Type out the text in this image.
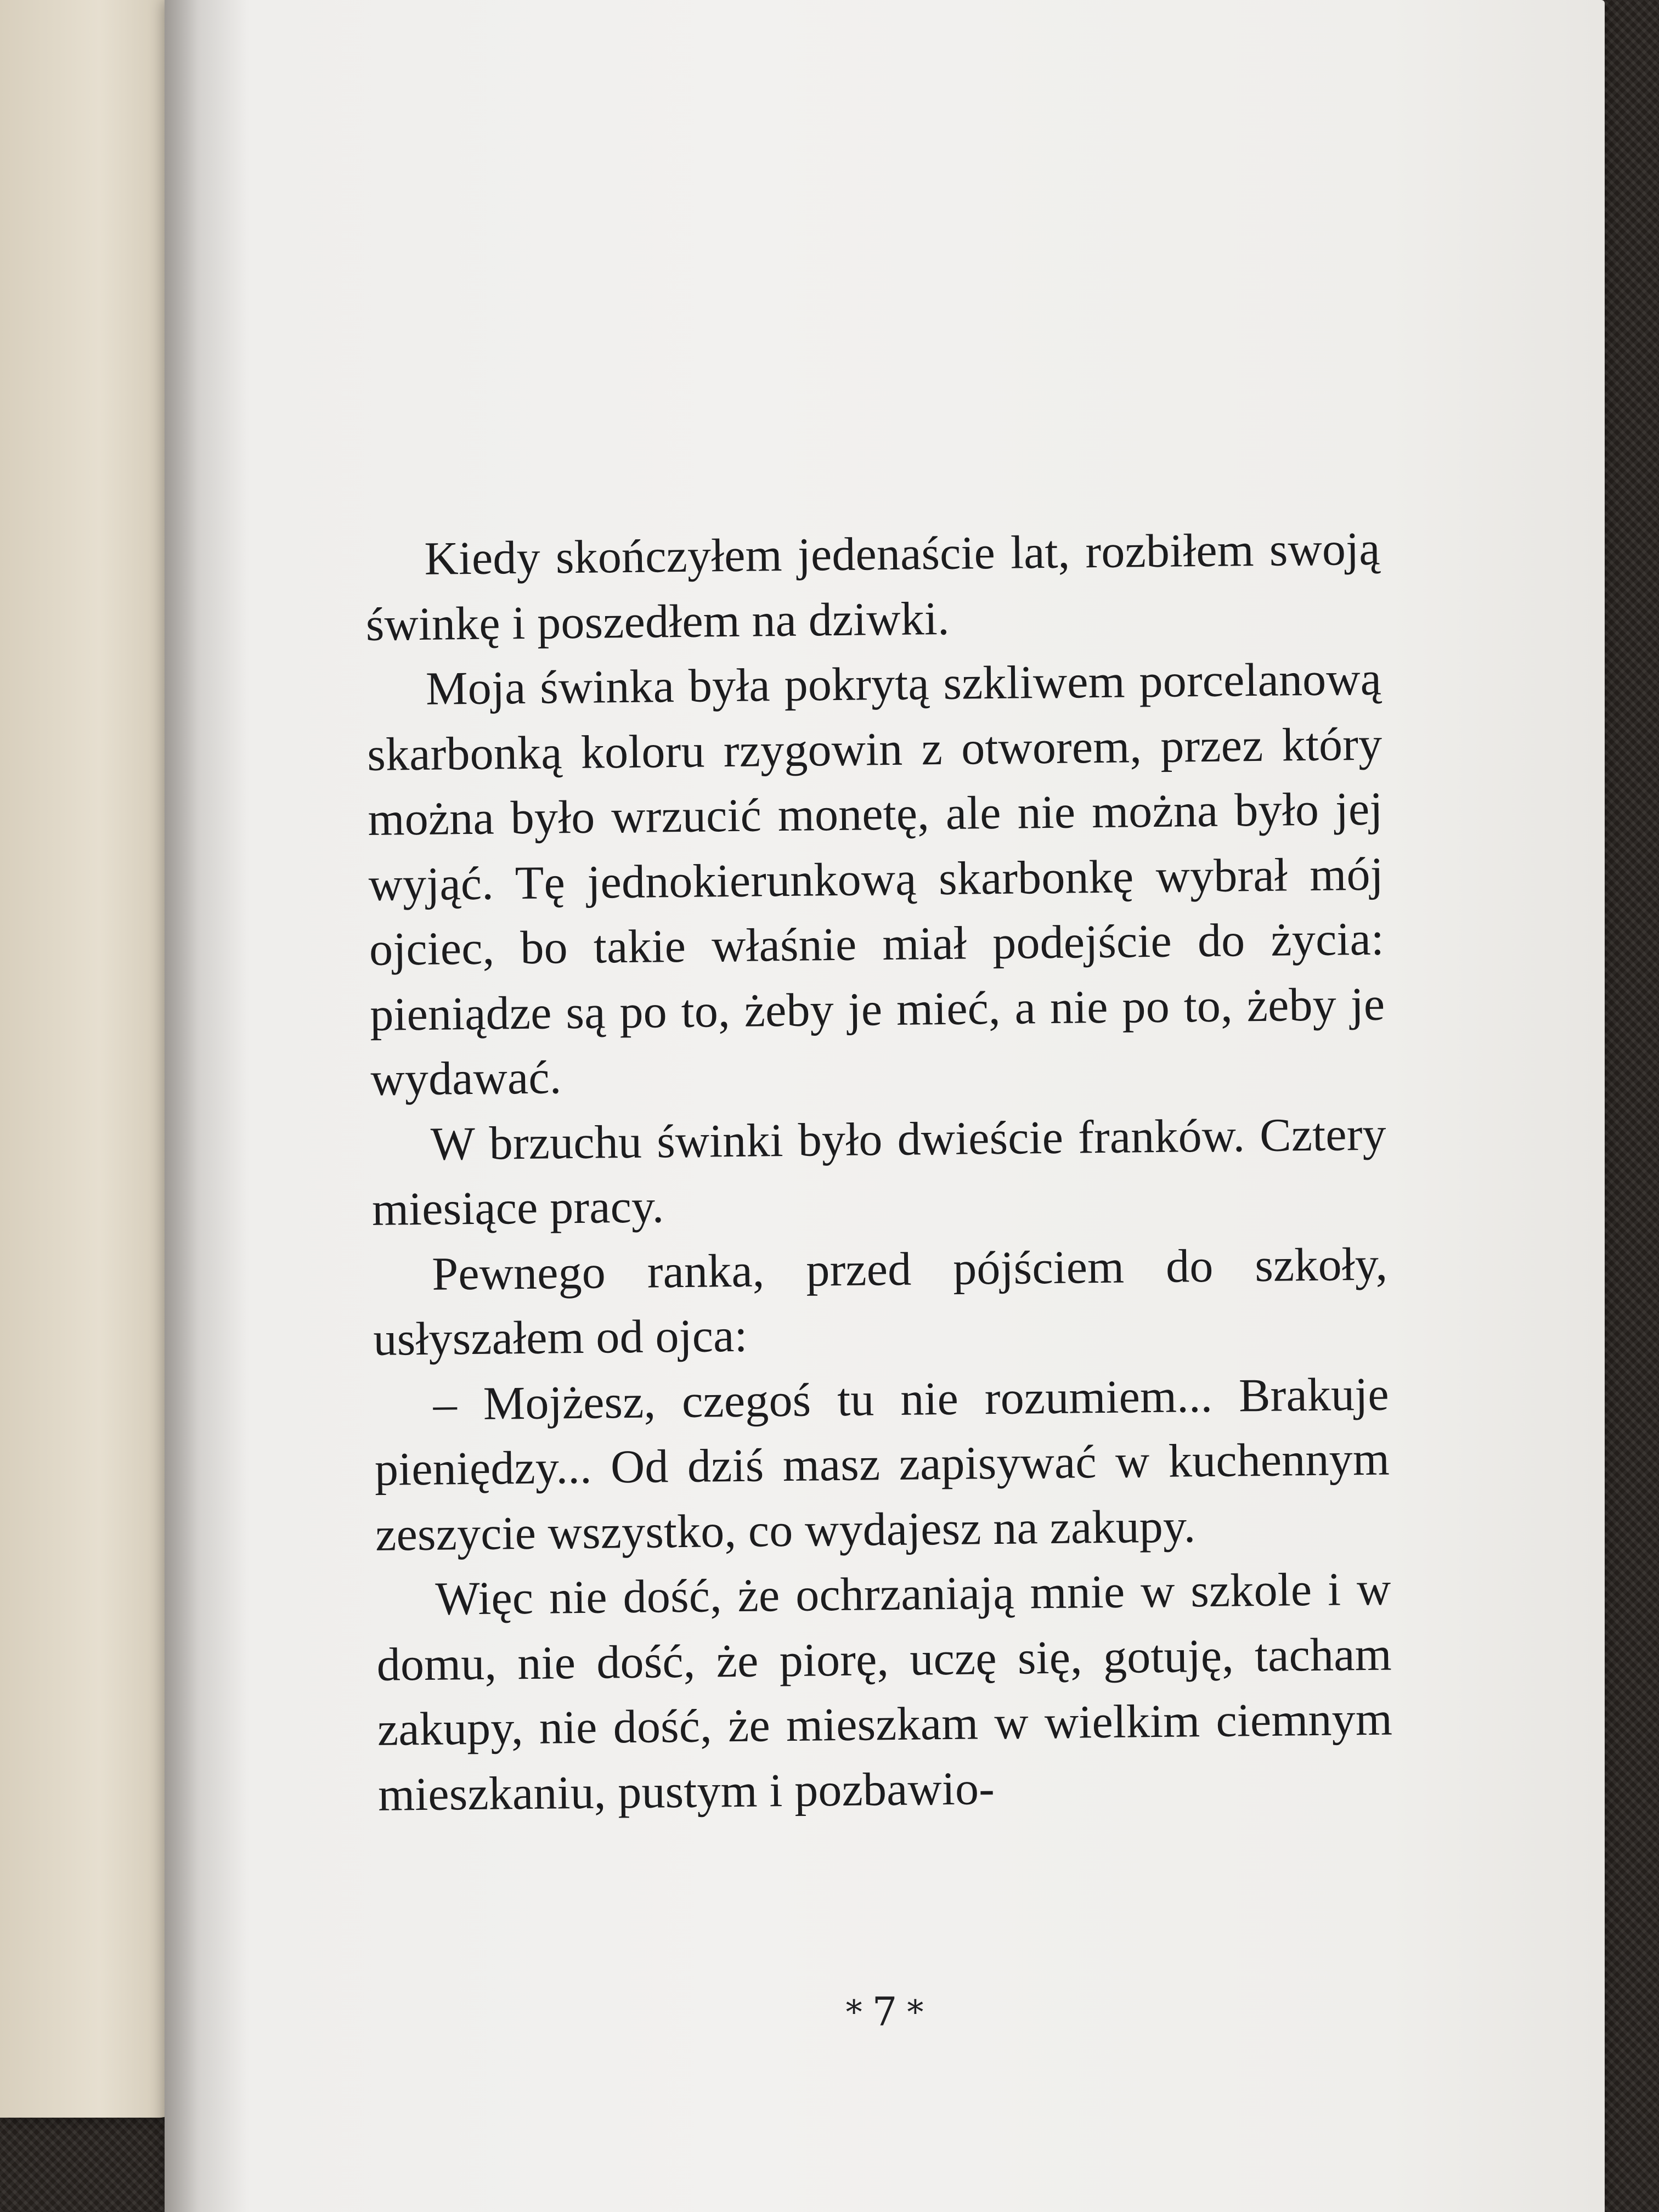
Kiedy skończyłem jedenaście lat, rozbiłem swoją świnkę i poszedłem na dziwki.

Moja świnka była pokrytą szkliwem porcelanową skarbonką koloru rzygowin z otworem, przez który można było wrzucić monetę, ale nie można było jej wyjąć. Tę jednokierunkową skarbonkę wybrał mój ojciec, bo takie właśnie miał podejście do życia: pieniądze są po to, żeby je mieć, a nie po to, żeby je wydawać.

W brzuchu świnki było dwieście franków. Cztery miesiące pracy.

Pewnego ranka, przed pójściem do szkoły, usłyszałem od ojca:

– Mojżesz, czegoś tu nie rozumiem... Brakuje pieniędzy... Od dziś masz zapisywać w kuchennym zeszycie wszystko, co wydajesz na zakupy.

Więc nie dość, że ochrzaniają mnie w szkole i w domu, nie dość, że piorę, uczę się, gotuję, tacham zakupy, nie dość, że mieszkam w wielkim ciemnym mieszkaniu, pustym i pozbawio-

* 7 *
